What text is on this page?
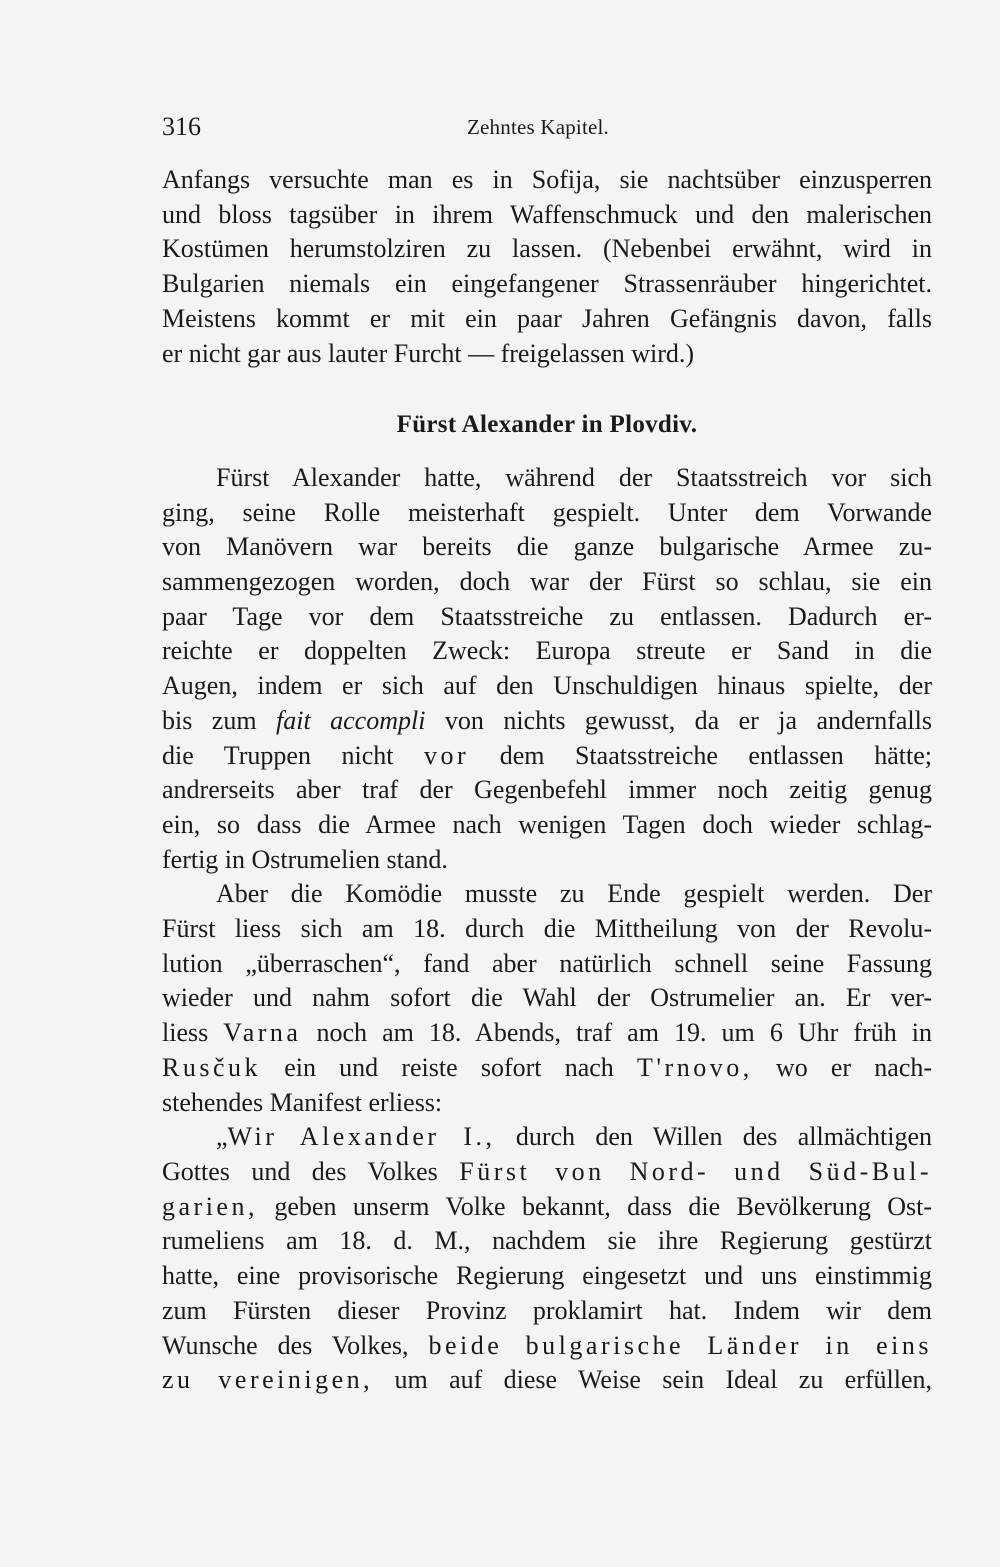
316	Zehntes Kapitel.
Anfangs versuchte man es in Sofija, sie nachtsüber einzusperren
und bloss tagsüber in ihrem Waffenschmuck und den malerischen
Kostümen herumstolziren zu lassen. (Nebenbei erwähnt, wird in
Bulgarien niemals ein eingefangener Strassenräuber hingerichtet.
Meistens kommt er mit ein paar Jahren Gefängnis davon, falls
er nicht gar aus lauter Furcht — freigelassen wird.)
Fürst Alexander in Plovdiv.
Fürst Alexander hatte, während der Staatsstreich vor sich
ging, seine Rolle meisterhaft gespielt. Unter dem Vorwande
von Manövern war bereits die ganze bulgarische Armee zu-
sammengezogen worden, doch war der Fürst so schlau, sie ein
paar Tage vor dem Staatsstreiche zu entlassen. Dadurch er-
reichte er doppelten Zweck: Europa streute er Sand in die
Augen, indem er sich auf den Unschuldigen hinaus spielte, der
bis zum fait accompli von nichts gewusst, da er ja andernfalls
die Truppen nicht vor dem Staatsstreiche entlassen hätte;
andrerseits aber traf der Gegenbefehl immer noch zeitig genug
ein, so dass die Armee nach wenigen Tagen doch wieder schlag-
fertig in Ostrumelien stand.
Aber die Komödie musste zu Ende gespielt werden. Der
Fürst liess sich am 18. durch die Mittheilung von der Revolu-
lution „überraschen“, fand aber natürlich schnell seine Fassung
wieder und nahm sofort die Wahl der Ostrumelier an. Er ver-
liess Varna noch am 18. Abends, traf am 19. um 6 Uhr früh in
Rusčuk ein und reiste sofort nach T'rnovo, wo er nach-
stehendes Manifest erliess:
„Wir Alexander I., durch den Willen des allmächtigen
Gottes und des Volkes Fürst von Nord- und Süd-Bul-
garien, geben unserm Volke bekannt, dass die Bevölkerung Ost-
rumeliens am 18. d. M., nachdem sie ihre Regierung gestürzt
hatte, eine provisorische Regierung eingesetzt und uns einstimmig
zum Fürsten dieser Provinz proklamirt hat. Indem wir dem
Wunsche des Volkes, beide bulgarische Länder in eins
zu vereinigen, um auf diese Weise sein Ideal zu erfüllen,
